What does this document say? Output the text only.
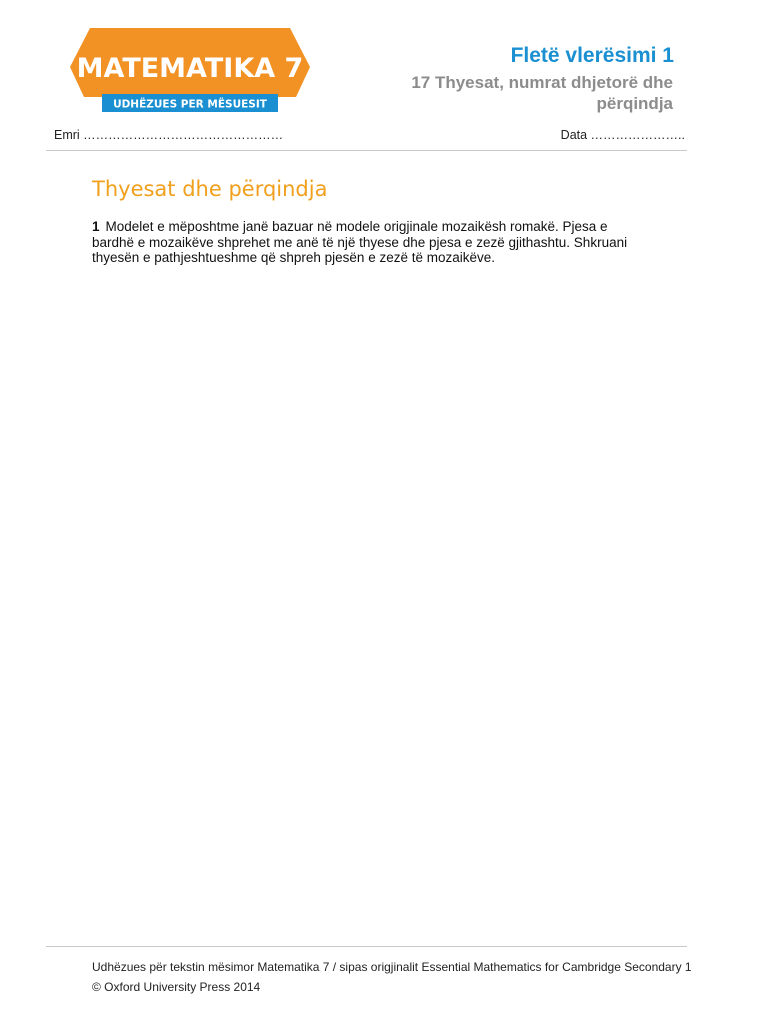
MATEMATIKA 7
UDHËZUES PER MËSUESIT
Fletë vlerësimi 1

17 Thyesat, numrat dhjetorë dhe përqindja

Emri …………………………………………	Data …………………..
Thyesat dhe përqindja

1 Modelet e mëposhtme janë bazuar në modele origjinale mozaikësh romakë. Pjesa e bardhë e mozaikëve shprehet me anë të një thyese dhe pjesa e zezë gjithashtu. Shkruani thyesën e pathjeshtueshme që shpreh pjesën e zezë të mozaikëve.

Udhëzues për tekstin mësimor Matematika 7 / sipas origjinalit Essential Mathematics for Cambridge Secondary 1
© Oxford University Press 2014
